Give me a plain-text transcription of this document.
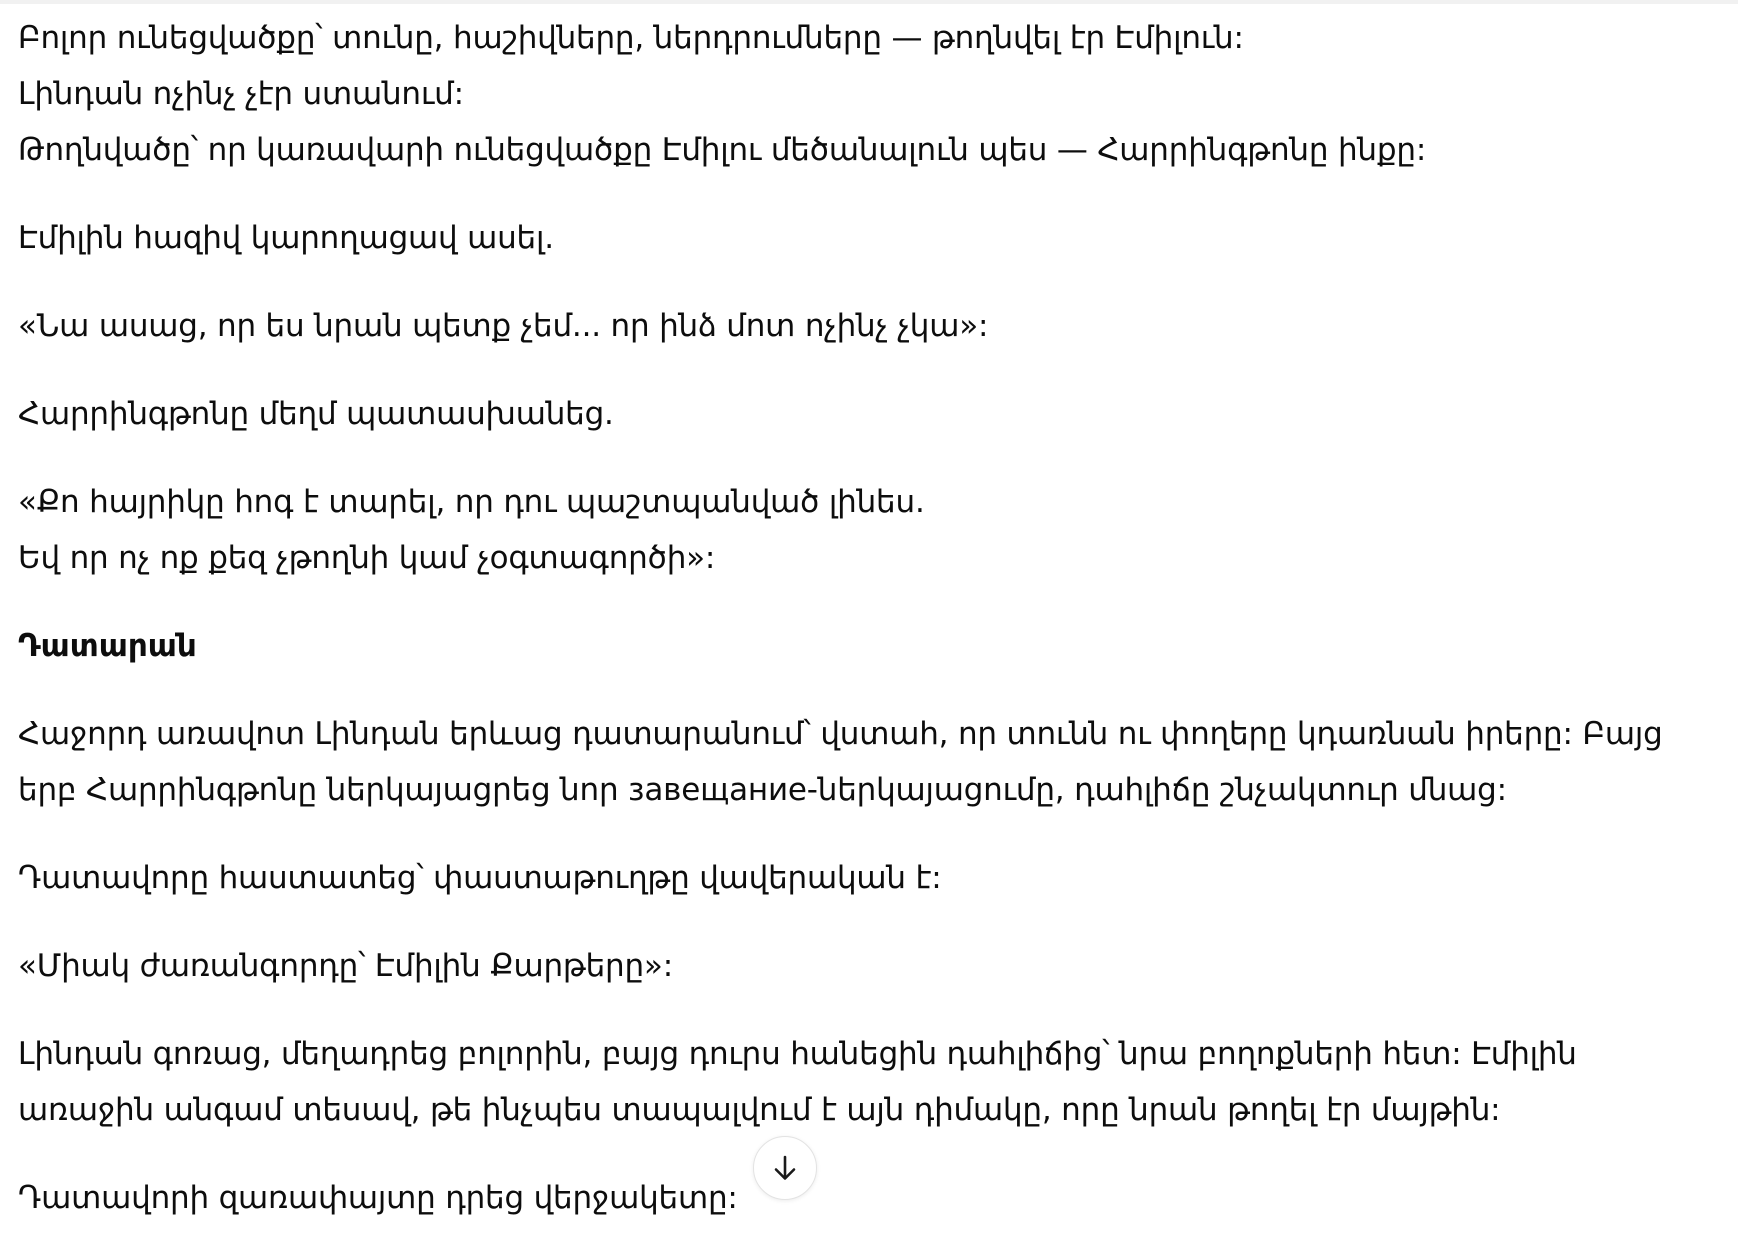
Բոլոր ունեցվածքը՝ տունը, հաշիվները, ներդրումները — թողնվել էր Էմիլուն:
Լինդան ոչինչ չէր ստանում:
Թողնվածը՝ որ կառավարի ունեցվածքը Էմիլու մեծանալուն պես — Հարրինգթոնը ինքը:
Էմիլին հազիվ կարողացավ ասել.
«Նա ասաց, որ ես նրան պետք չեմ... որ ինձ մոտ ոչինչ չկա»:
Հարրինգթոնը մեղմ պատասխանեց.
«Քո հայրիկը հոգ է տարել, որ դու պաշտպանված լինես.
Եվ որ ոչ ոք քեզ չթողնի կամ չօգտագործի»:
Դատարան
Հաջորդ առավոտ Լինդան երևաց դատարանում՝ վստահ, որ տունն ու փողերը կդառնան իրերը: Բայց
երբ Հարրինգթոնը ներկայացրեց նոր завещание-ներկայացումը, դահլիճը շնչակտուր մնաց:
Դատավորը հաստատեց՝ փաստաթուղթը վավերական է:
«Միակ ժառանգորդը՝ Էմիլին Քարթերը»:
Լինդան գոռաց, մեղադրեց բոլորին, բայց դուրս հանեցին դահլիճից՝ նրա բողոքների հետ: Էմիլին
առաջին անգամ տեսավ, թե ինչպես տապալվում է այն դիմակը, որը նրան թողել էր մայթին:
Դատավորի զառափայտը դրեց վերջակետը:
